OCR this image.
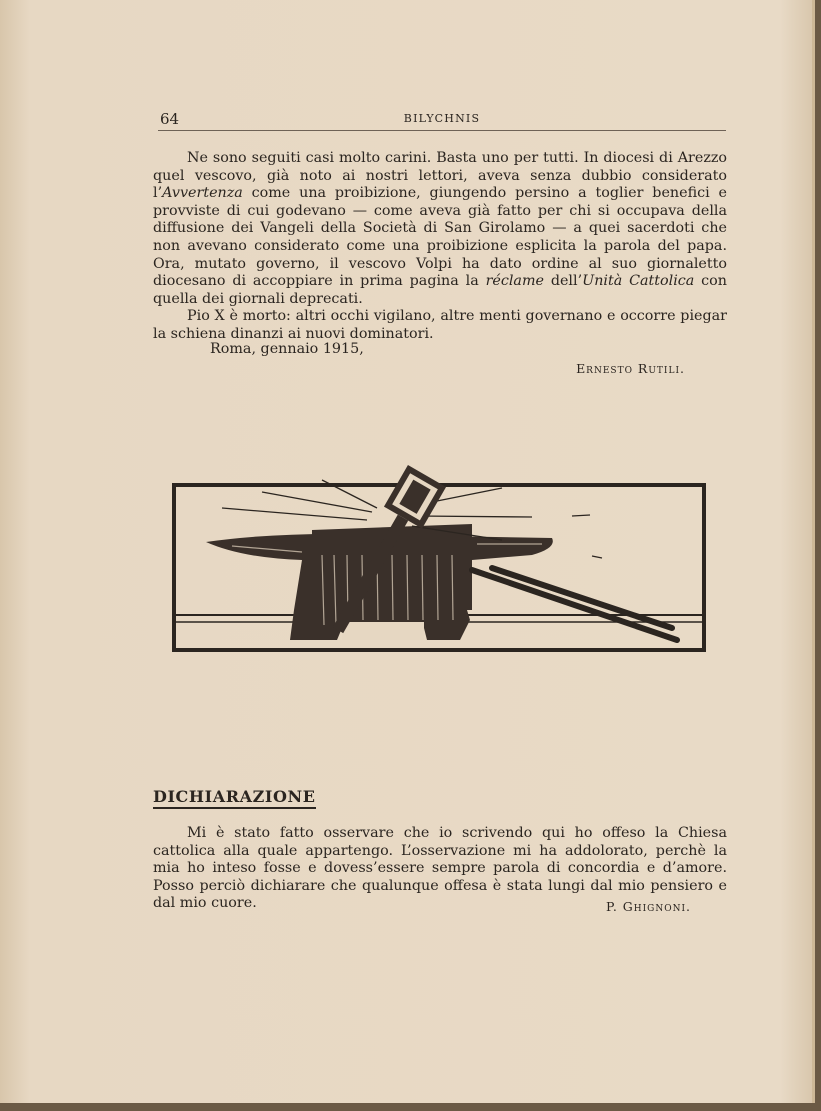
64	BILYCHNIS

Ne sono seguiti casi molto carini. Basta uno per tutti. In diocesi di Arezzo quel vescovo, già noto ai nostri lettori, aveva senza dubbio considerato l’Avvertenza come una proibizione, giungendo persino a toglier benefici e provviste di cui godevano — come aveva già fatto per chi si occupava della diffusione dei Vangeli della Società di San Girolamo — a quei sacerdoti che non avevano considerato come una proibizione esplicita la parola del papa. Ora, mutato governo, il vescovo Volpi ha dato ordine al suo giornaletto diocesano di accoppiare in prima pagina la réclame dell’Unità Cattolica con quella dei giornali deprecati.

Pio X è morto: altri occhi vigilano, altre menti governano e occorre piegar la schiena dinanzi ai nuovi dominatori.

Roma, gennaio 1915,

Ernesto Rutili.

DICHIARAZIONE

Mi è stato fatto osservare che io scrivendo qui ho offeso la Chiesa cattolica alla quale appartengo. L’osservazione mi ha addolorato, perchè la mia ho inteso fosse e dovess’essere sempre parola di concordia e d’amore. Posso perciò dichiarare che qualunque offesa è stata lungi dal mio pensiero e dal mio cuore.	P. Ghignoni.
